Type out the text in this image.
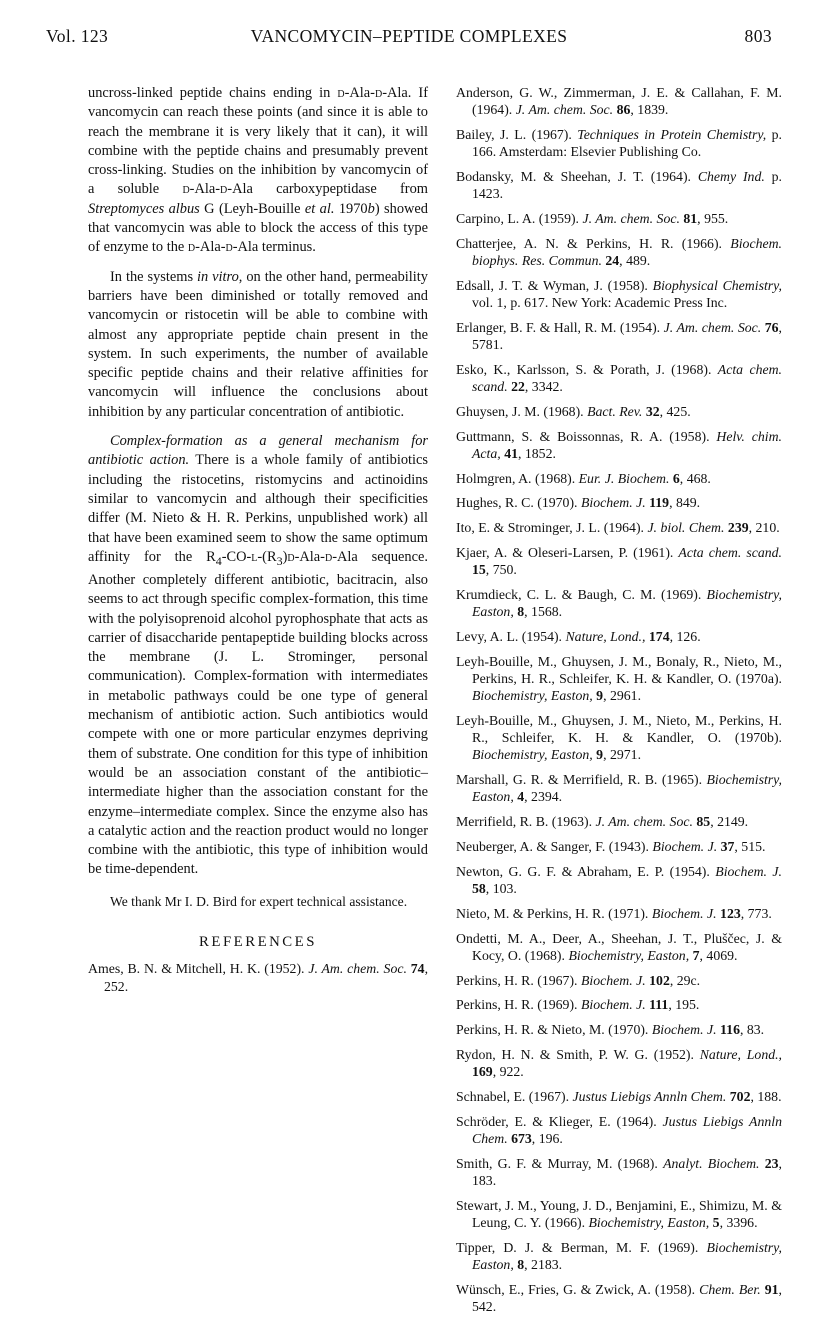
Vol. 123	VANCOMYCIN–PEPTIDE COMPLEXES	803

uncross-linked peptide chains ending in d-Ala-d-Ala. If vancomycin can reach these points (and since it is able to reach the membrane it is very likely that it can), it will combine with the peptide chains and presumably prevent cross-linking. Studies on the inhibition by vancomycin of a soluble d-Ala-d-Ala carboxypeptidase from Streptomyces albus G (Leyh-Bouille et al. 1970b) showed that vancomycin was able to block the access of this type of enzyme to the d-Ala-d-Ala terminus.

In the systems in vitro, on the other hand, permeability barriers have been diminished or totally removed and vancomycin or ristocetin will be able to combine with almost any appropriate peptide chain present in the system. In such experiments, the number of available specific peptide chains and their relative affinities for vancomycin will influence the conclusions about inhibition by any particular concentration of antibiotic.

Complex-formation as a general mechanism for antibiotic action. There is a whole family of antibiotics including the ristocetins, ristomycins and actinoidins similar to vancomycin and although their specificities differ (M. Nieto & H. R. Perkins, unpublished work) all that have been examined seem to show the same optimum affinity for the $R_4-CO-l-(R_3)d-Ala-d$-Ala sequence. Another completely different antibiotic, bacitracin, also seems to act through specific complex-formation, this time with the polyisoprenoid alcohol pyrophosphate that acts as carrier of disaccharide pentapeptide building blocks across the membrane (J. L. Strominger, personal communication). Complex-formation with intermediates in metabolic pathways could be one type of general mechanism of antibiotic action. Such antibiotics would compete with one or more particular enzymes depriving them of substrate. One condition for this type of inhibition would be an association constant of the antibiotic–intermediate higher than the association constant for the enzyme–intermediate complex. Since the enzyme also has a catalytic action and the reaction product would no longer combine with the antibiotic, this type of inhibition would be time-dependent.

We thank Mr I. D. Bird for expert technical assistance.

REFERENCES

Ames, B. N. & Mitchell, H. K. (1952). J. Am. chem. Soc. 74, 252.

Anderson, G. W., Zimmerman, J. E. & Callahan, F. M. (1964). J. Am. chem. Soc. 86, 1839.

Bailey, J. L. (1967). Techniques in Protein Chemistry, p. 166. Amsterdam: Elsevier Publishing Co.

Bodansky, M. & Sheehan, J. T. (1964). Chemy Ind. p. 1423.

Carpino, L. A. (1959). J. Am. chem. Soc. 81, 955.

Chatterjee, A. N. & Perkins, H. R. (1966). Biochem. biophys. Res. Commun. 24, 489.

Edsall, J. T. & Wyman, J. (1958). Biophysical Chemistry, vol. 1, p. 617. New York: Academic Press Inc.

Erlanger, B. F. & Hall, R. M. (1954). J. Am. chem. Soc. 76, 5781.

Esko, K., Karlsson, S. & Porath, J. (1968). Acta chem. scand. 22, 3342.

Ghuysen, J. M. (1968). Bact. Rev. 32, 425.

Guttmann, S. & Boissonnas, R. A. (1958). Helv. chim. Acta, 41, 1852.

Holmgren, A. (1968). Eur. J. Biochem. 6, 468.

Hughes, R. C. (1970). Biochem. J. 119, 849.

Ito, E. & Strominger, J. L. (1964). J. biol. Chem. 239, 210.

Kjaer, A. & Oleseri-Larsen, P. (1961). Acta chem. scand. 15, 750.

Krumdieck, C. L. & Baugh, C. M. (1969). Biochemistry, Easton, 8, 1568.

Levy, A. L. (1954). Nature, Lond., 174, 126.

Leyh-Bouille, M., Ghuysen, J. M., Bonaly, R., Nieto, M., Perkins, H. R., Schleifer, K. H. & Kandler, O. (1970a). Biochemistry, Easton, 9, 2961.

Leyh-Bouille, M., Ghuysen, J. M., Nieto, M., Perkins, H. R., Schleifer, K. H. & Kandler, O. (1970b). Biochemistry, Easton, 9, 2971.

Marshall, G. R. & Merrifield, R. B. (1965). Biochemistry, Easton, 4, 2394.

Merrifield, R. B. (1963). J. Am. chem. Soc. 85, 2149.

Neuberger, A. & Sanger, F. (1943). Biochem. J. 37, 515.

Newton, G. G. F. & Abraham, E. P. (1954). Biochem. J. 58, 103.

Nieto, M. & Perkins, H. R. (1971). Biochem. J. 123, 773.

Ondetti, M. A., Deer, A., Sheehan, J. T., Pluščec, J. & Kocy, O. (1968). Biochemistry, Easton, 7, 4069.

Perkins, H. R. (1967). Biochem. J. 102, 29c.

Perkins, H. R. (1969). Biochem. J. 111, 195.

Perkins, H. R. & Nieto, M. (1970). Biochem. J. 116, 83.

Rydon, H. N. & Smith, P. W. G. (1952). Nature, Lond., 169, 922.

Schnabel, E. (1967). Justus Liebigs Annln Chem. 702, 188.

Schröder, E. & Klieger, E. (1964). Justus Liebigs Annln Chem. 673, 196.

Smith, G. F. & Murray, M. (1968). Analyt. Biochem. 23, 183.

Stewart, J. M., Young, J. D., Benjamini, E., Shimizu, M. & Leung, C. Y. (1966). Biochemistry, Easton, 5, 3396.

Tipper, D. J. & Berman, M. F. (1969). Biochemistry, Easton, 8, 2183.

Wünsch, E., Fries, G. & Zwick, A. (1958). Chem. Ber. 91, 542.
